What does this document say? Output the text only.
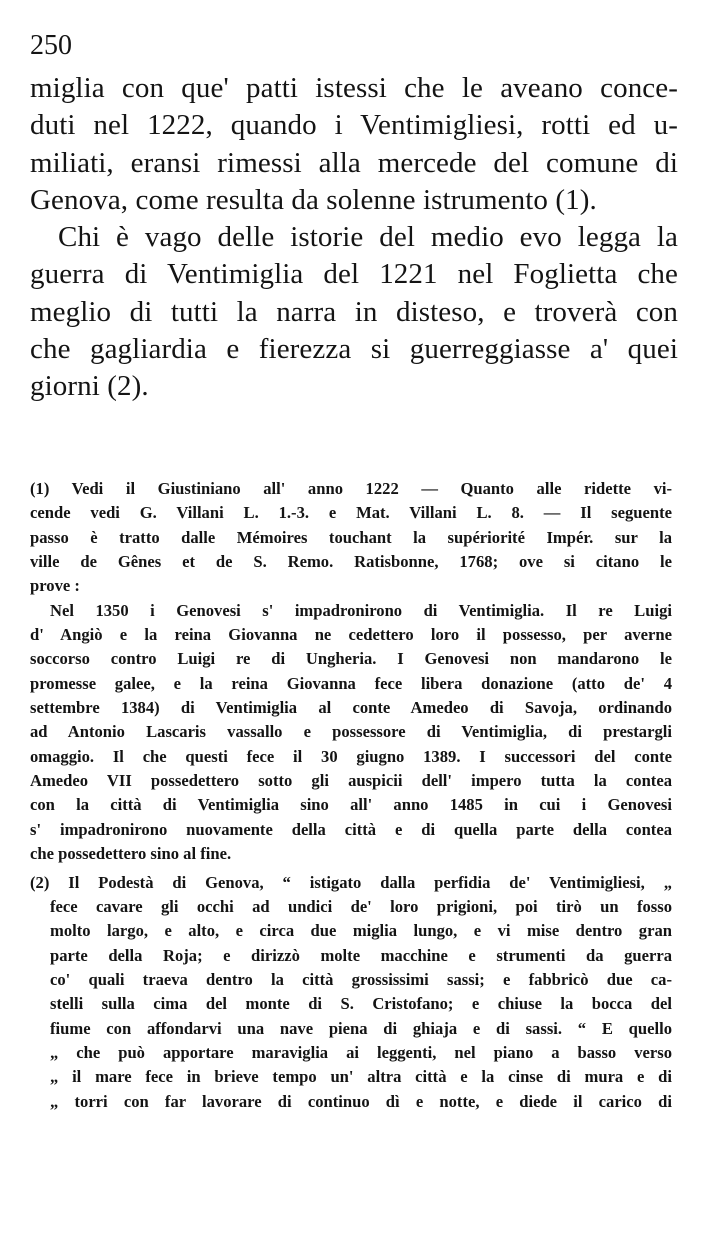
250
miglia con que' patti istessi che le aveano conce-
duti nel 1222, quando i Ventimigliesi, rotti ed u-
miliati, eransi rimessi alla mercede del comune di
Genova, come resulta da solenne istrumento (1).
Chi è vago delle istorie del medio evo legga la
guerra di Ventimiglia del 1221 nel Foglietta che
meglio di tutti la narra in disteso, e troverà con
che gagliardia e fierezza si guerreggiasse a' quei
giorni (2).
(1) Vedi il Giustiniano all' anno 1222 — Quanto alle ridette vi-
cende vedi G. Villani L. 1.-3. e Mat. Villani L. 8. — Il seguente
passo è tratto dalle Mémoires touchant la supériorité Impér. sur la
ville de Gênes et de S. Remo. Ratisbonne, 1768; ove si citano le
prove :
Nel 1350 i Genovesi s' impadronirono di Ventimiglia. Il re Luigi
d' Angiò e la reina Giovanna ne cedettero loro il possesso, per averne
soccorso contro Luigi re di Ungheria. I Genovesi non mandarono le
promesse galee, e la reina Giovanna fece libera donazione (atto de' 4
settembre 1384) di Ventimiglia al conte Amedeo di Savoja, ordinando
ad Antonio Lascaris vassallo e possessore di Ventimiglia, di prestargli
omaggio. Il che questi fece il 30 giugno 1389. I successori del conte
Amedeo VII possedettero sotto gli auspicii dell' impero tutta la contea
con la città di Ventimiglia sino all' anno 1485 in cui i Genovesi
s' impadronirono nuovamente della città e di quella parte della contea
che possedettero sino al fine.
(2) Il Podestà di Genova, “ istigato dalla perfidia de' Ventimigliesi, „
fece cavare gli occhi ad undici de' loro prigioni, poi tirò un fosso
molto largo, e alto, e circa due miglia lungo, e vi mise dentro gran
parte della Roja; e dirizzò molte macchine e strumenti da guerra
co' quali traeva dentro la città grossissimi sassi; e fabbricò due ca-
stelli sulla cima del monte di S. Cristofano; e chiuse la bocca del
fiume con affondarvi una nave piena di ghiaja e di sassi. “ E quello
„ che può apportare maraviglia ai leggenti, nel piano a basso verso
„ il mare fece in brieve tempo un' altra città e la cinse di mura e di
„ torri con far lavorare di continuo dì e notte, e diede il carico di
